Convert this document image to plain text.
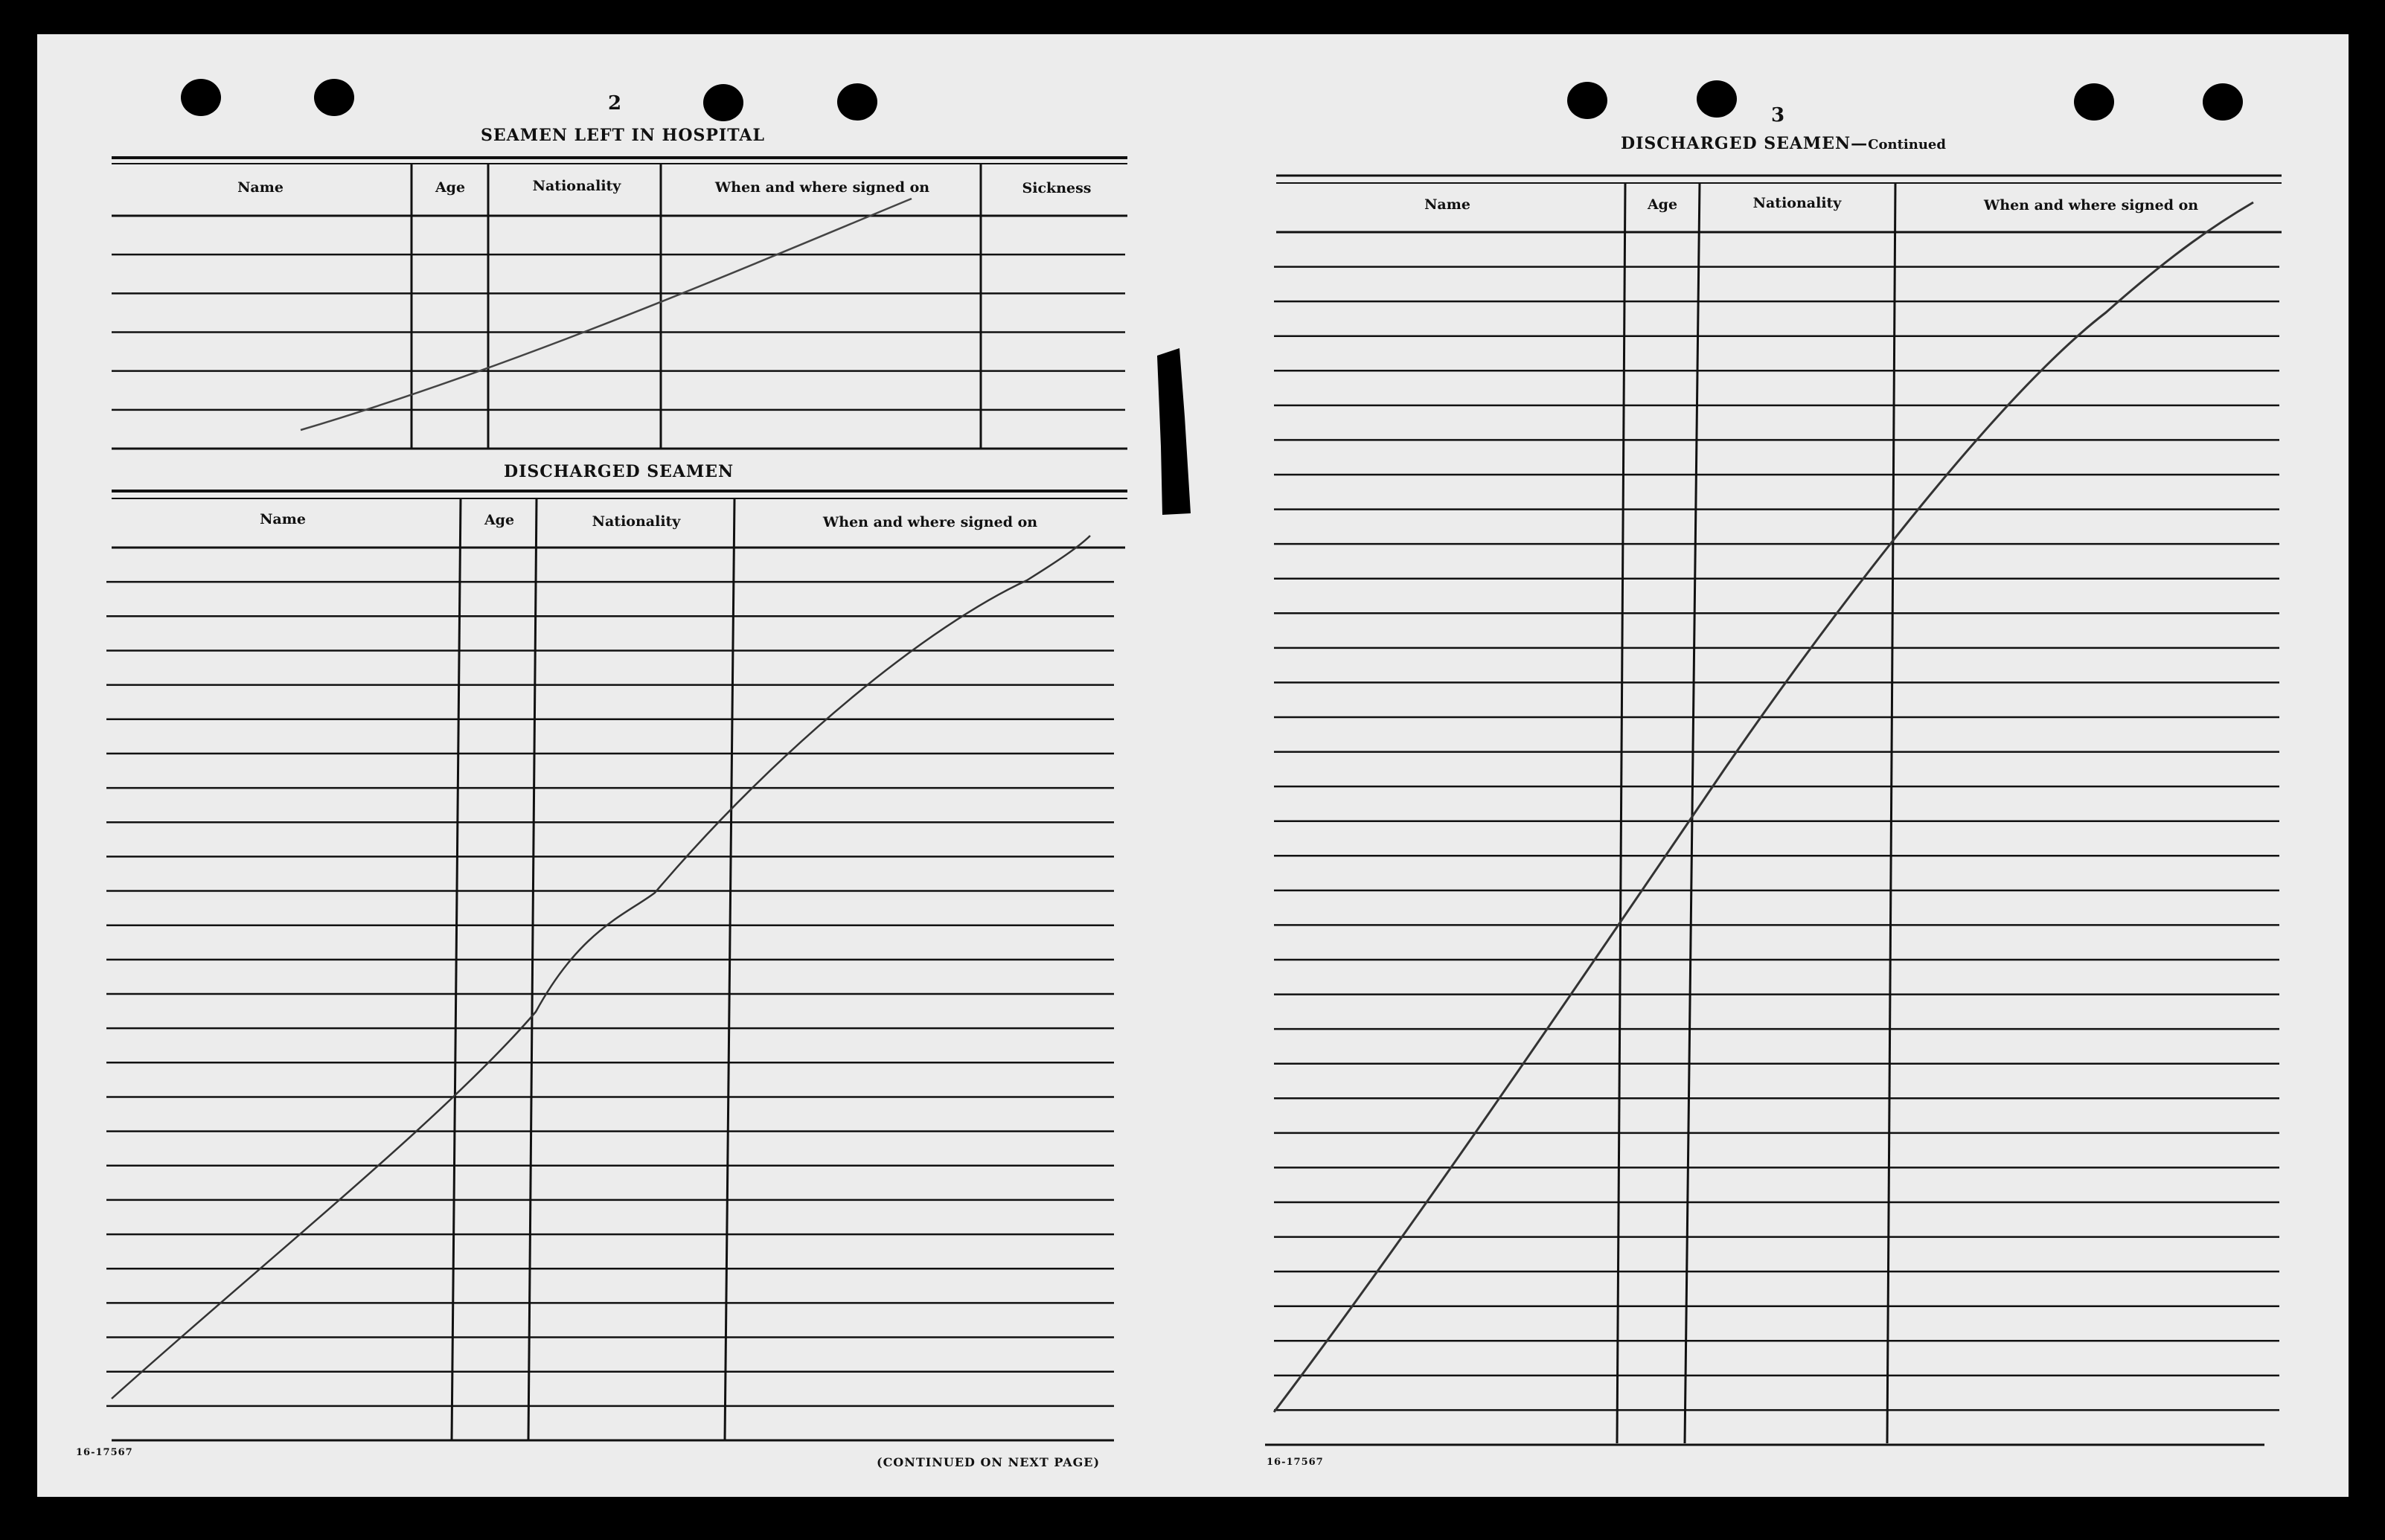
2
SEAMEN LEFT IN HOSPITAL
Name	Age	Nationality	When and where signed on	Sickness
DISCHARGED SEAMEN
Name	Age	Nationality	When and where signed on
16-17567
(CONTINUED ON NEXT PAGE)
3
DISCHARGED SEAMEN—Continued
Name	Age	Nationality	When and where signed on
16-17567
